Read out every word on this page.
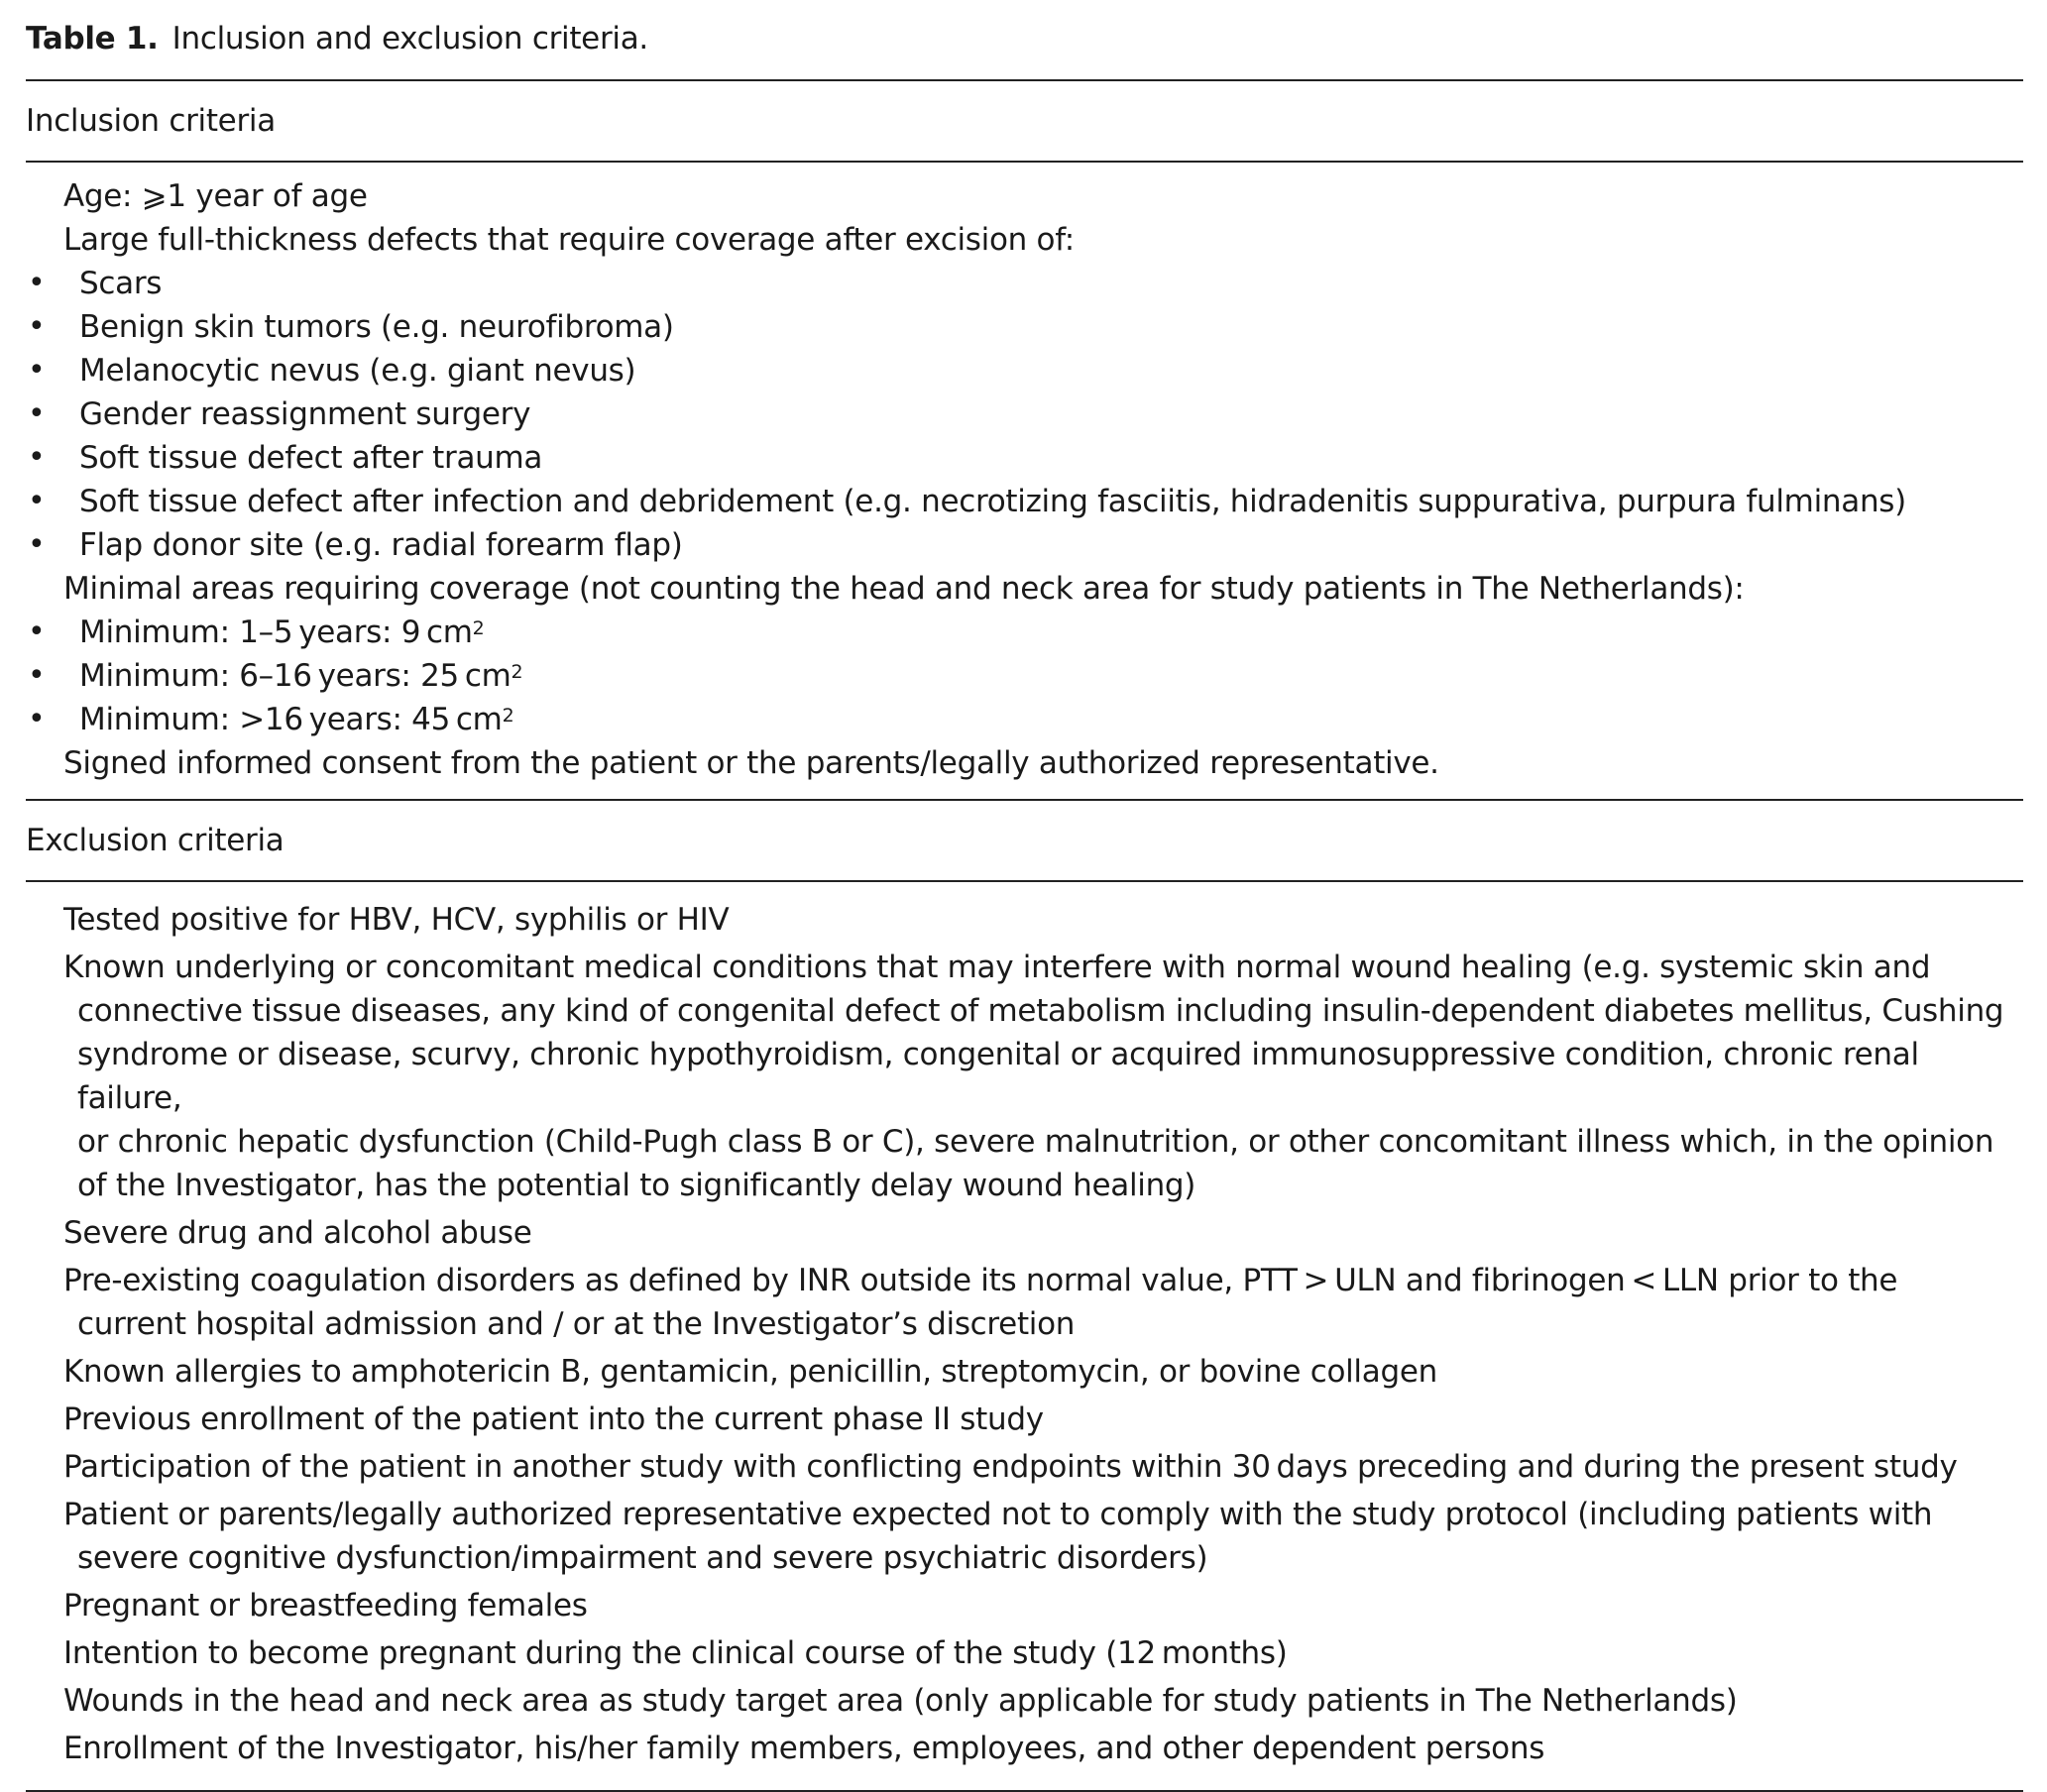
Table 1. Inclusion and exclusion criteria.
Inclusion criteria
Age: ⩾1 year of age
Large full-thickness defects that require coverage after excision of:
• Scars
• Benign skin tumors (e.g. neurofibroma)
• Melanocytic nevus (e.g. giant nevus)
• Gender reassignment surgery
• Soft tissue defect after trauma
• Soft tissue defect after infection and debridement (e.g. necrotizing fasciitis, hidradenitis suppurativa, purpura fulminans)
• Flap donor site (e.g. radial forearm flap)
Minimal areas requiring coverage (not counting the head and neck area for study patients in The Netherlands):
• Minimum: 1–5 years: 9 $cm^2$
• Minimum: 6–16 years: 25 $cm^2$
• Minimum: >16 years: 45 $cm^2$
Signed informed consent from the patient or the parents/legally authorized representative.
Exclusion criteria
Tested positive for HBV, HCV, syphilis or HIV
Known underlying or concomitant medical conditions that may interfere with normal wound healing (e.g. systemic skin and
connective tissue diseases, any kind of congenital defect of metabolism including insulin-dependent diabetes mellitus, Cushing
syndrome or disease, scurvy, chronic hypothyroidism, congenital or acquired immunosuppressive condition, chronic renal failure,
or chronic hepatic dysfunction (Child-Pugh class B or C), severe malnutrition, or other concomitant illness which, in the opinion
of the Investigator, has the potential to significantly delay wound healing)
Severe drug and alcohol abuse
Pre-existing coagulation disorders as defined by INR outside its normal value, PTT > ULN and fibrinogen < LLN prior to the
current hospital admission and / or at the Investigator’s discretion
Known allergies to amphotericin B, gentamicin, penicillin, streptomycin, or bovine collagen
Previous enrollment of the patient into the current phase II study
Participation of the patient in another study with conflicting endpoints within 30 days preceding and during the present study
Patient or parents/legally authorized representative expected not to comply with the study protocol (including patients with
severe cognitive dysfunction/impairment and severe psychiatric disorders)
Pregnant or breastfeeding females
Intention to become pregnant during the clinical course of the study (12 months)
Wounds in the head and neck area as study target area (only applicable for study patients in The Netherlands)
Enrollment of the Investigator, his/her family members, employees, and other dependent persons
